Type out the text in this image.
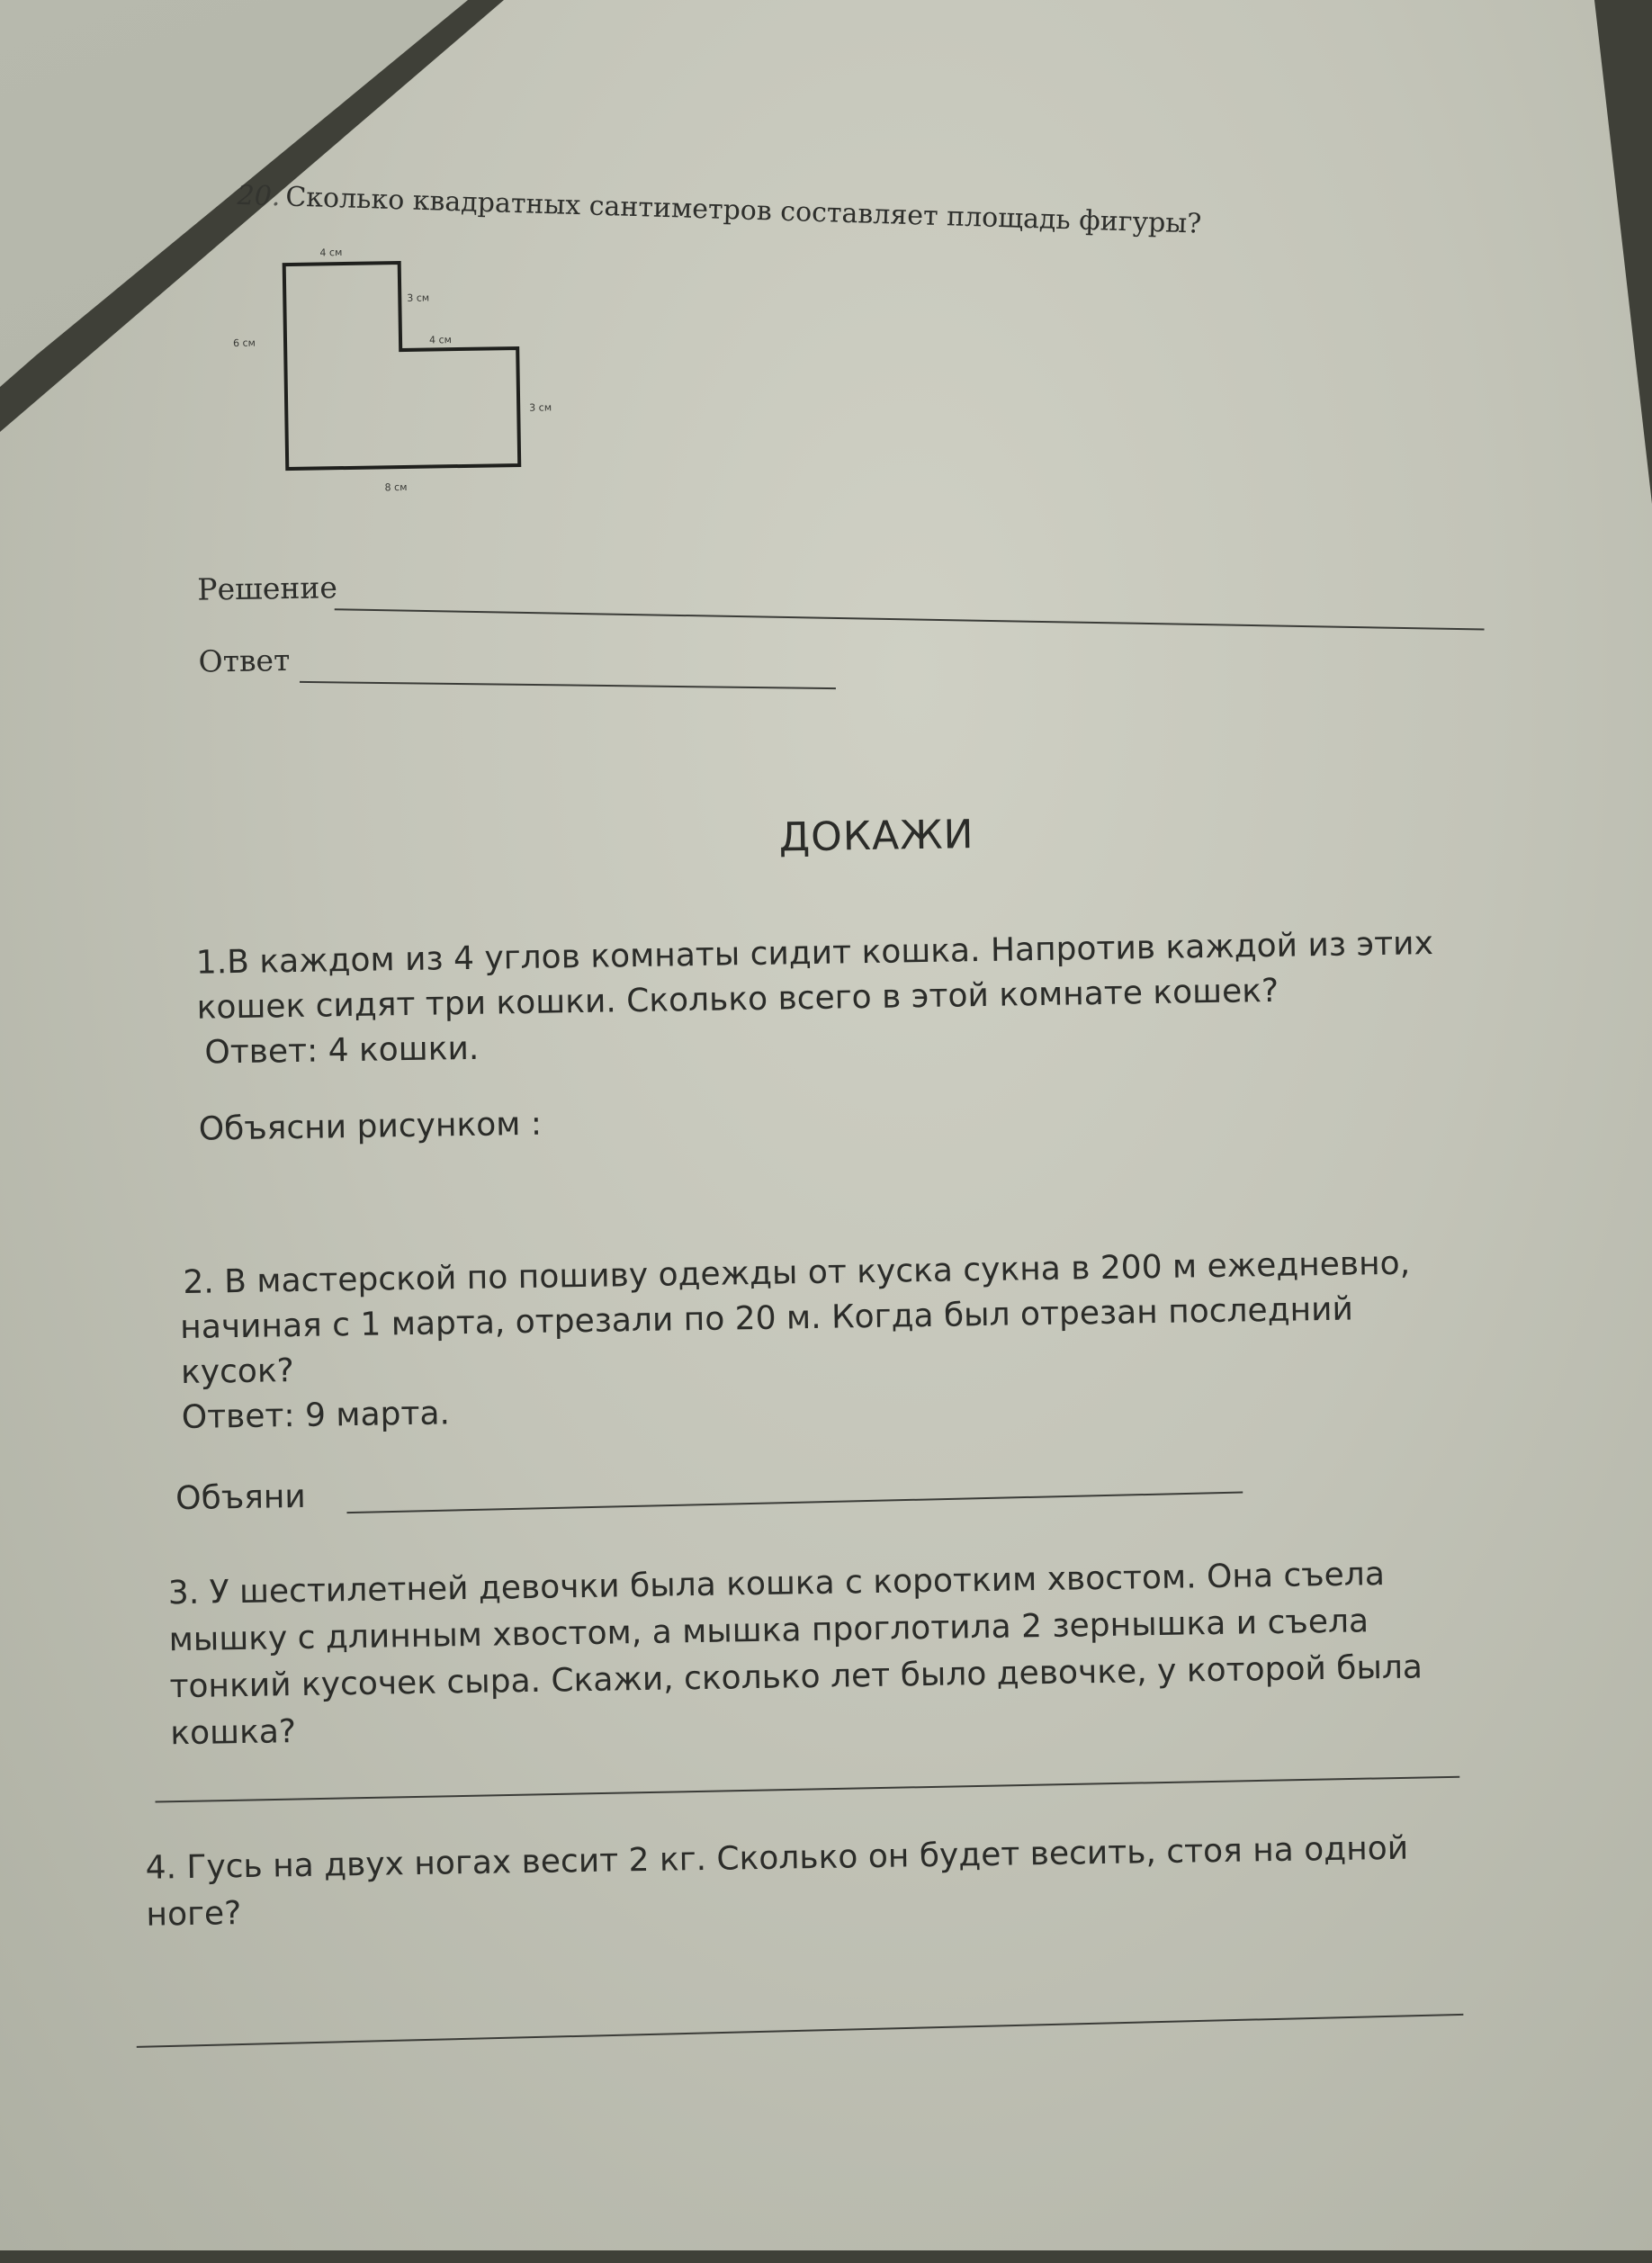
20. Сколько квадратных сантиметров составляет площадь фигуры?
4 см
3 см
4 см
3 см
8 см
6 см
Решение
Ответ
ДОКАЖИ
1.В каждом из 4 углов комнаты сидит кошка. Напротив каждой из этих
кошек сидят три кошки. Сколько всего в этой комнате кошек?
Ответ: 4 кошки.
Объясни рисунком :
2. В мастерской по пошиву одежды от куска сукна в 200 м ежедневно,
начиная с 1 марта, отрезали по 20 м. Когда был отрезан последний
кусок?
Ответ: 9 марта.
Объяни
3. У шестилетней девочки была кошка с коротким хвостом. Она съела
мышку с длинным хвостом, а мышка проглотила 2 зернышка и съела
тонкий кусочек сыра. Скажи, сколько лет было девочке, у которой была
кошка?
4. Гусь на двух ногах весит 2 кг. Сколько он будет весить, стоя на одной
ноге?
